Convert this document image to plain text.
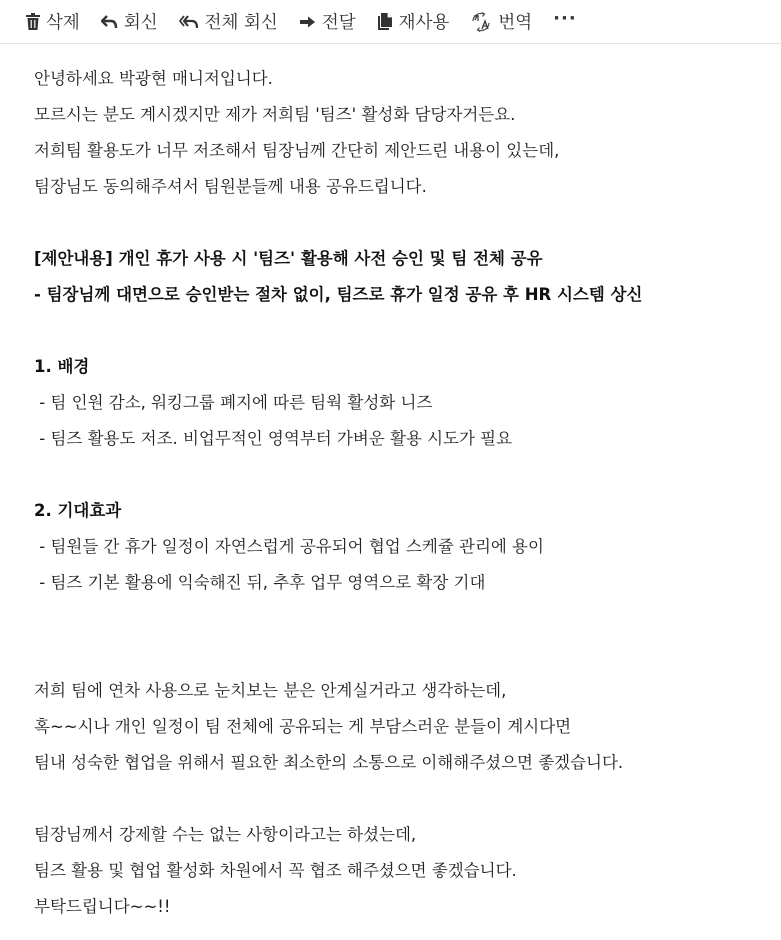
삭제	회신	전체 회신	전달 재사용	번역 ···
안녕하세요 박광현 매니저입니다.
모르시는 분도 계시겠지만 제가 저희팀 '팀즈' 활성화 담당자거든요.
저희팀 활용도가 너무 저조해서 팀장님께 간단히 제안드린 내용이 있는데,
팀장님도 동의해주셔서 팀원분들께 내용 공유드립니다.
[제안내용] 개인 휴가 사용 시 '팀즈' 활용해 사전 승인 및 팀 전체 공유
- 팀장님께 대면으로 승인받는 절차 없이, 팀즈로 휴가 일정 공유 후 HR 시스템 상신
1. 배경
- 팀 인원 감소, 워킹그룹 폐지에 따른 팀웍 활성화 니즈
- 팀즈 활용도 저조. 비업무적인 영역부터 가벼운 활용 시도가 필요
2. 기대효과
- 팀원들 간 휴가 일정이 자연스럽게 공유되어 협업 스케쥴 관리에 용이
- 팀즈 기본 활용에 익숙해진 뒤, 추후 업무 영역으로 확장 기대
저희 팀에 연차 사용으로 눈치보는 분은 안계실거라고 생각하는데,
혹~~시나 개인 일정이 팀 전체에 공유되는 게 부담스러운 분들이 계시다면
팀내 성숙한 협업을 위해서 필요한 최소한의 소통으로 이해해주셨으면 좋겠습니다.
팀장님께서 강제할 수는 없는 사항이라고는 하셨는데,
팀즈 활용 및 협업 활성화 차원에서 꼭 협조 해주셨으면 좋겠습니다.
부탁드립니다~~!!
